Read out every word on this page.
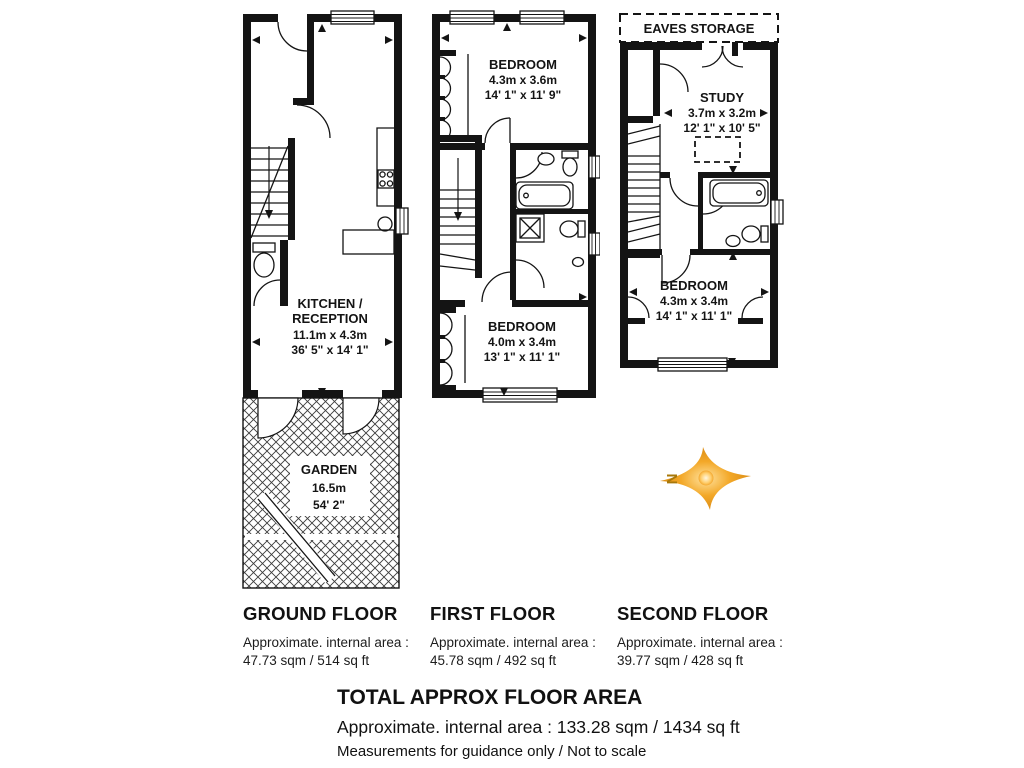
GARDEN
16.5m
54' 2"
KITCHEN /
RECEPTION
11.1m x 4.3m
36' 5" x 14' 1"
BEDROOM
4.3m x 3.6m
14' 1" x 11' 9"
BEDROOM
4.0m x 3.4m
13' 1" x 11' 1"
EAVES STORAGE
STUDY
3.7m x 3.2m
12' 1" x 10' 5"
BEDROOM
4.3m x 3.4m
14' 1" x 11' 1"
N
GROUND FLOOR

Approximate. internal area :
47.73 sqm / 514 sq ft

FIRST FLOOR

Approximate. internal area :
45.78 sqm / 492 sq ft

SECOND FLOOR

Approximate. internal area :
39.77 sqm / 428 sq ft

TOTAL APPROX FLOOR AREA

Approximate. internal area : 133.28 sqm / 1434 sq ft

Measurements for guidance only / Not to scale
